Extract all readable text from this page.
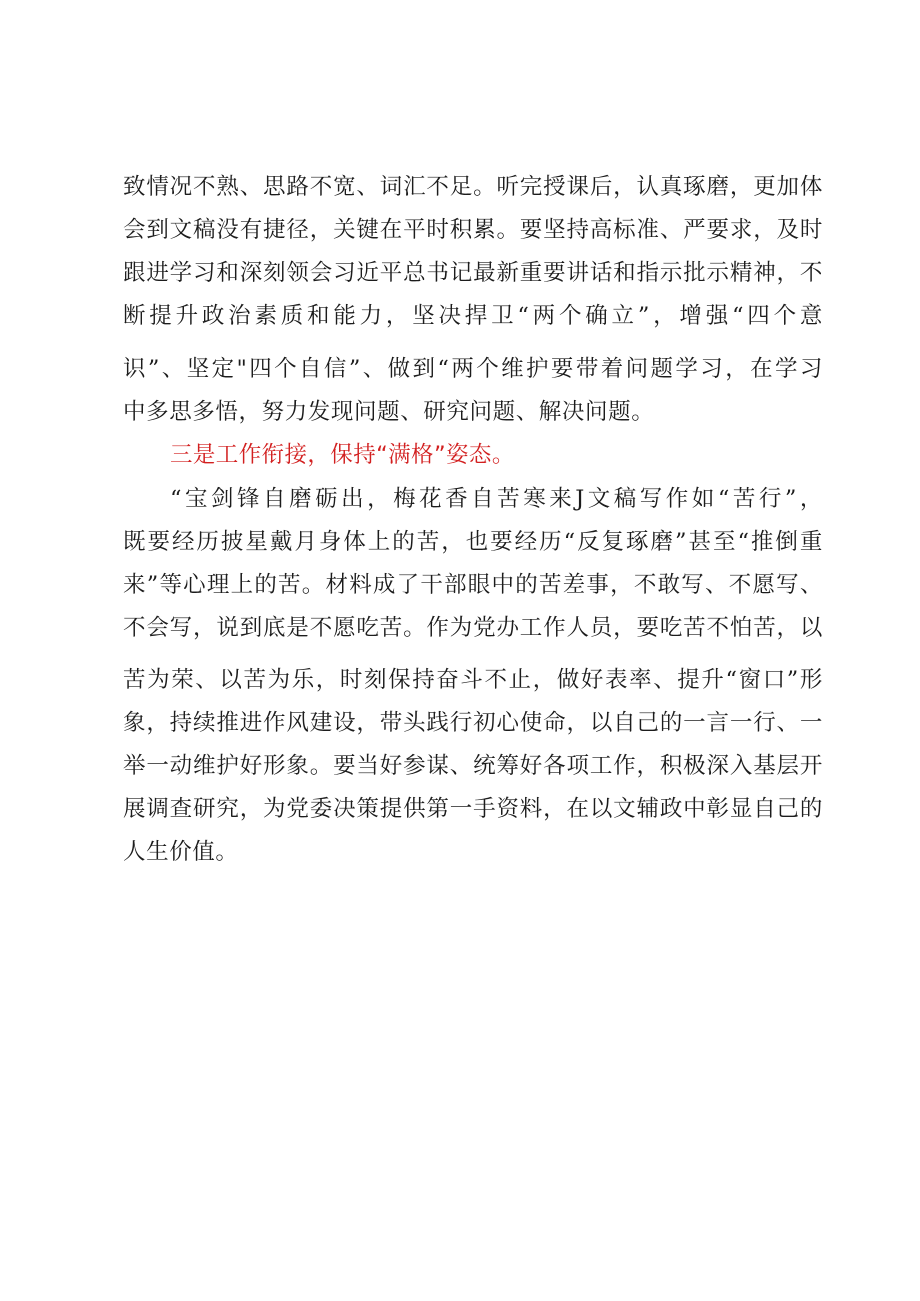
致情况不熟、思路不宽、词汇不足。听完授课后，认真琢磨，更加体
会到文稿没有捷径，关键在平时积累。要坚持高标准、严要求，及时
跟进学习和深刻领会习近平总书记最新重要讲话和指示批示精神，不
断提升政治素质和能力，坚决捍卫“两个确立”，增强“四个意
识”、坚定"四个自信”、做到“两个维护要带着问题学习，在学习
中多思多悟，努力发现问题、研究问题、解决问题。
三是工作衔接，保持“满格”姿态。
“宝剑锋自磨砺出，梅花香自苦寒来J文稿写作如“苦行”，
既要经历披星戴月身体上的苦，也要经历“反复琢磨”甚至“推倒重
来”等心理上的苦。材料成了干部眼中的苦差事，不敢写、不愿写、
不会写，说到底是不愿吃苦。作为党办工作人员，要吃苦不怕苦，以
苦为荣、以苦为乐，时刻保持奋斗不止，做好表率、提升“窗口”形
象，持续推进作风建设，带头践行初心使命，以自己的一言一行、一
举一动维护好形象。要当好参谋、统筹好各项工作，积极深入基层开
展调查研究，为党委决策提供第一手资料，在以文辅政中彰显自己的
人生价值。
